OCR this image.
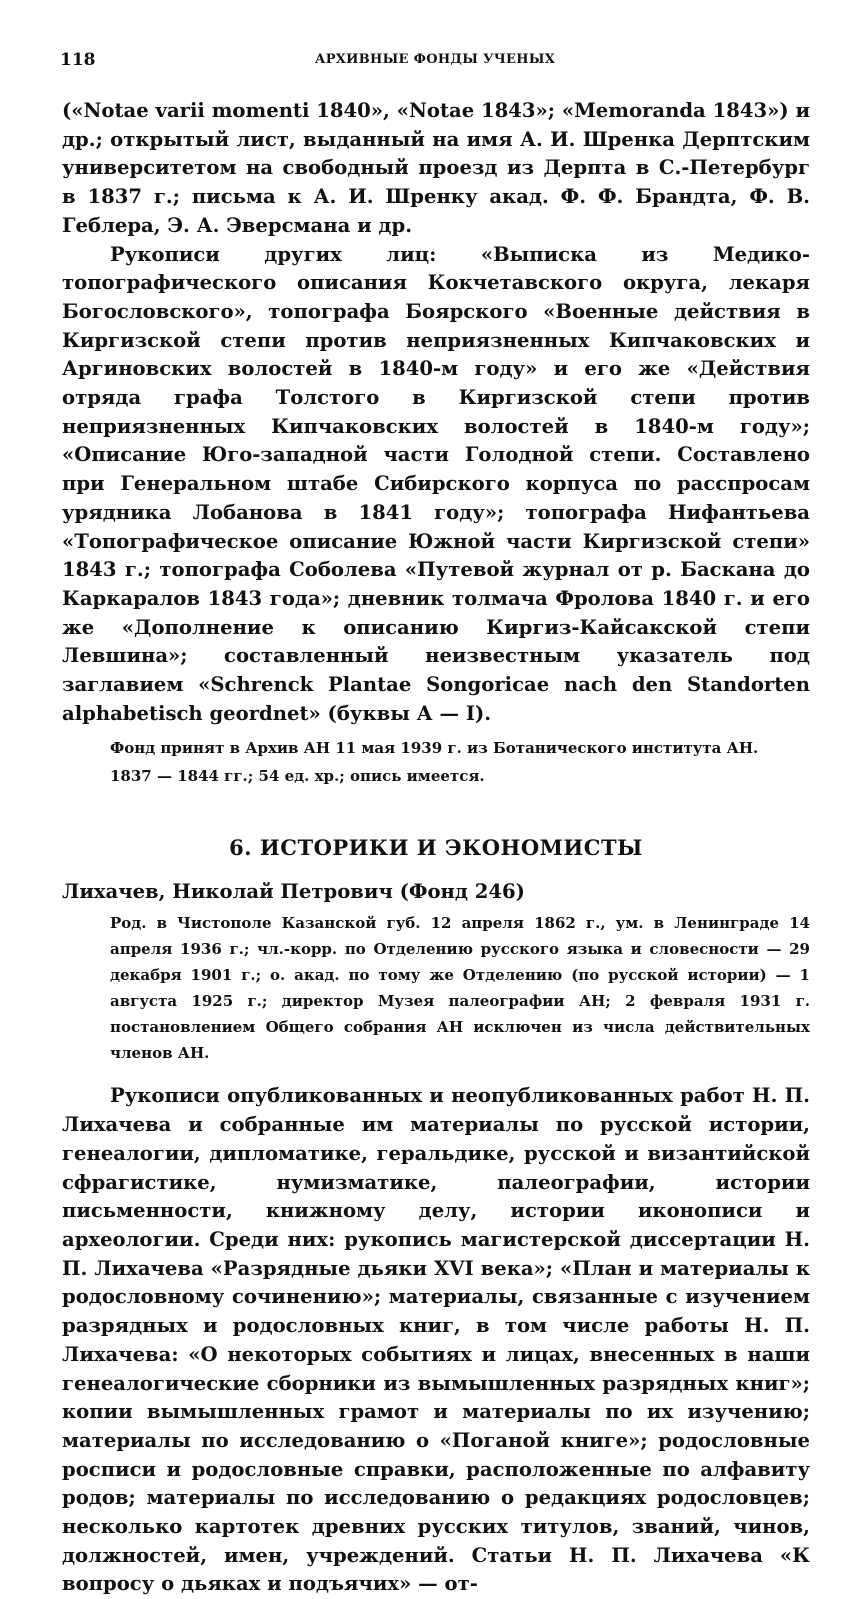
118	АРХИВНЫЕ ФОНДЫ УЧЕНЫХ

(«Notae varii momenti 1840», «Notae 1843»; «Memoranda 1843») и др.; открытый лист, выданный на имя А. И. Шренка Дерптским университетом на свободный проезд из Дерпта в С.-Петербург в 1837 г.; письма к А. И. Шренку акад. Ф. Ф. Брандта, Ф. В. Геблера, Э. А. Эверсмана и др.

Рукописи других лиц: «Выписка из Медико-топографического описания Кокчетавского округа, лекаря Богословского», топографа Боярского «Военные действия в Киргизской степи против неприязненных Кипчаковских и Аргиновских волостей в 1840-м году» и его же «Действия отряда графа Толстого в Киргизской степи против неприязненных Кипчаковских волостей в 1840-м году»; «Описание Юго-западной части Голодной степи. Составлено при Генеральном штабе Сибирского корпуса по расспросам урядника Лобанова в 1841 году»; топографа Нифантьева «Топографическое описание Южной части Киргизской степи» 1843 г.; топографа Соболева «Путевой журнал от р. Баскана до Каркаралов 1843 года»; дневник толмача Фролова 1840 г. и его же «Дополнение к описанию Киргиз-Кайсакской степи Левшина»; составленный неизвестным указатель под заглавием «Schrenck Plantae Songoricae nach den Standorten alphabetisch geordnet» (буквы А — I).

Фонд принят в Архив АН 11 мая 1939 г. из Ботанического института АН.

1837 — 1844 гг.; 54 ед. хр.; опись имеется.

6. ИСТОРИКИ И ЭКОНОМИСТЫ
Лихачев, Николай Петрович (Фонд 246)

Род. в Чистополе Казанской губ. 12 апреля 1862 г., ум. в Ленинграде 14 апреля 1936 г.; чл.-корр. по Отделению русского языка и словесности — 29 декабря 1901 г.; о. акад. по тому же Отделению (по русской истории) — 1 августа 1925 г.; директор Музея палеографии АН; 2 февраля 1931 г. постановлением Общего собрания АН исключен из числа действительных членов АН.

Рукописи опубликованных и неопубликованных работ Н. П. Лихачева и собранные им материалы по русской истории, генеалогии, дипломатике, геральдике, русской и византийской сфрагистике, нумизматике, палеографии, истории письменности, книжному делу, истории иконописи и археологии. Среди них: рукопись магистерской диссертации Н. П. Лихачева «Разрядные дьяки XVI века»; «План и материалы к родословному сочинению»; материалы, связанные с изучением разрядных и родословных книг, в том числе работы Н. П. Лихачева: «О некоторых событиях и лицах, внесенных в наши генеалогические сборники из вымышленных разрядных книг»; копии вымышленных грамот и материалы по их изучению; материалы по исследованию о «Поганой книге»; родословные росписи и родословные справки, расположенные по алфавиту родов; материалы по исследованию о редакциях родословцев; несколько картотек древних русских титулов, званий, чинов, должностей, имен, учреждений. Статьи Н. П. Лихачева «К вопросу о дьяках и подъячих» — от-
